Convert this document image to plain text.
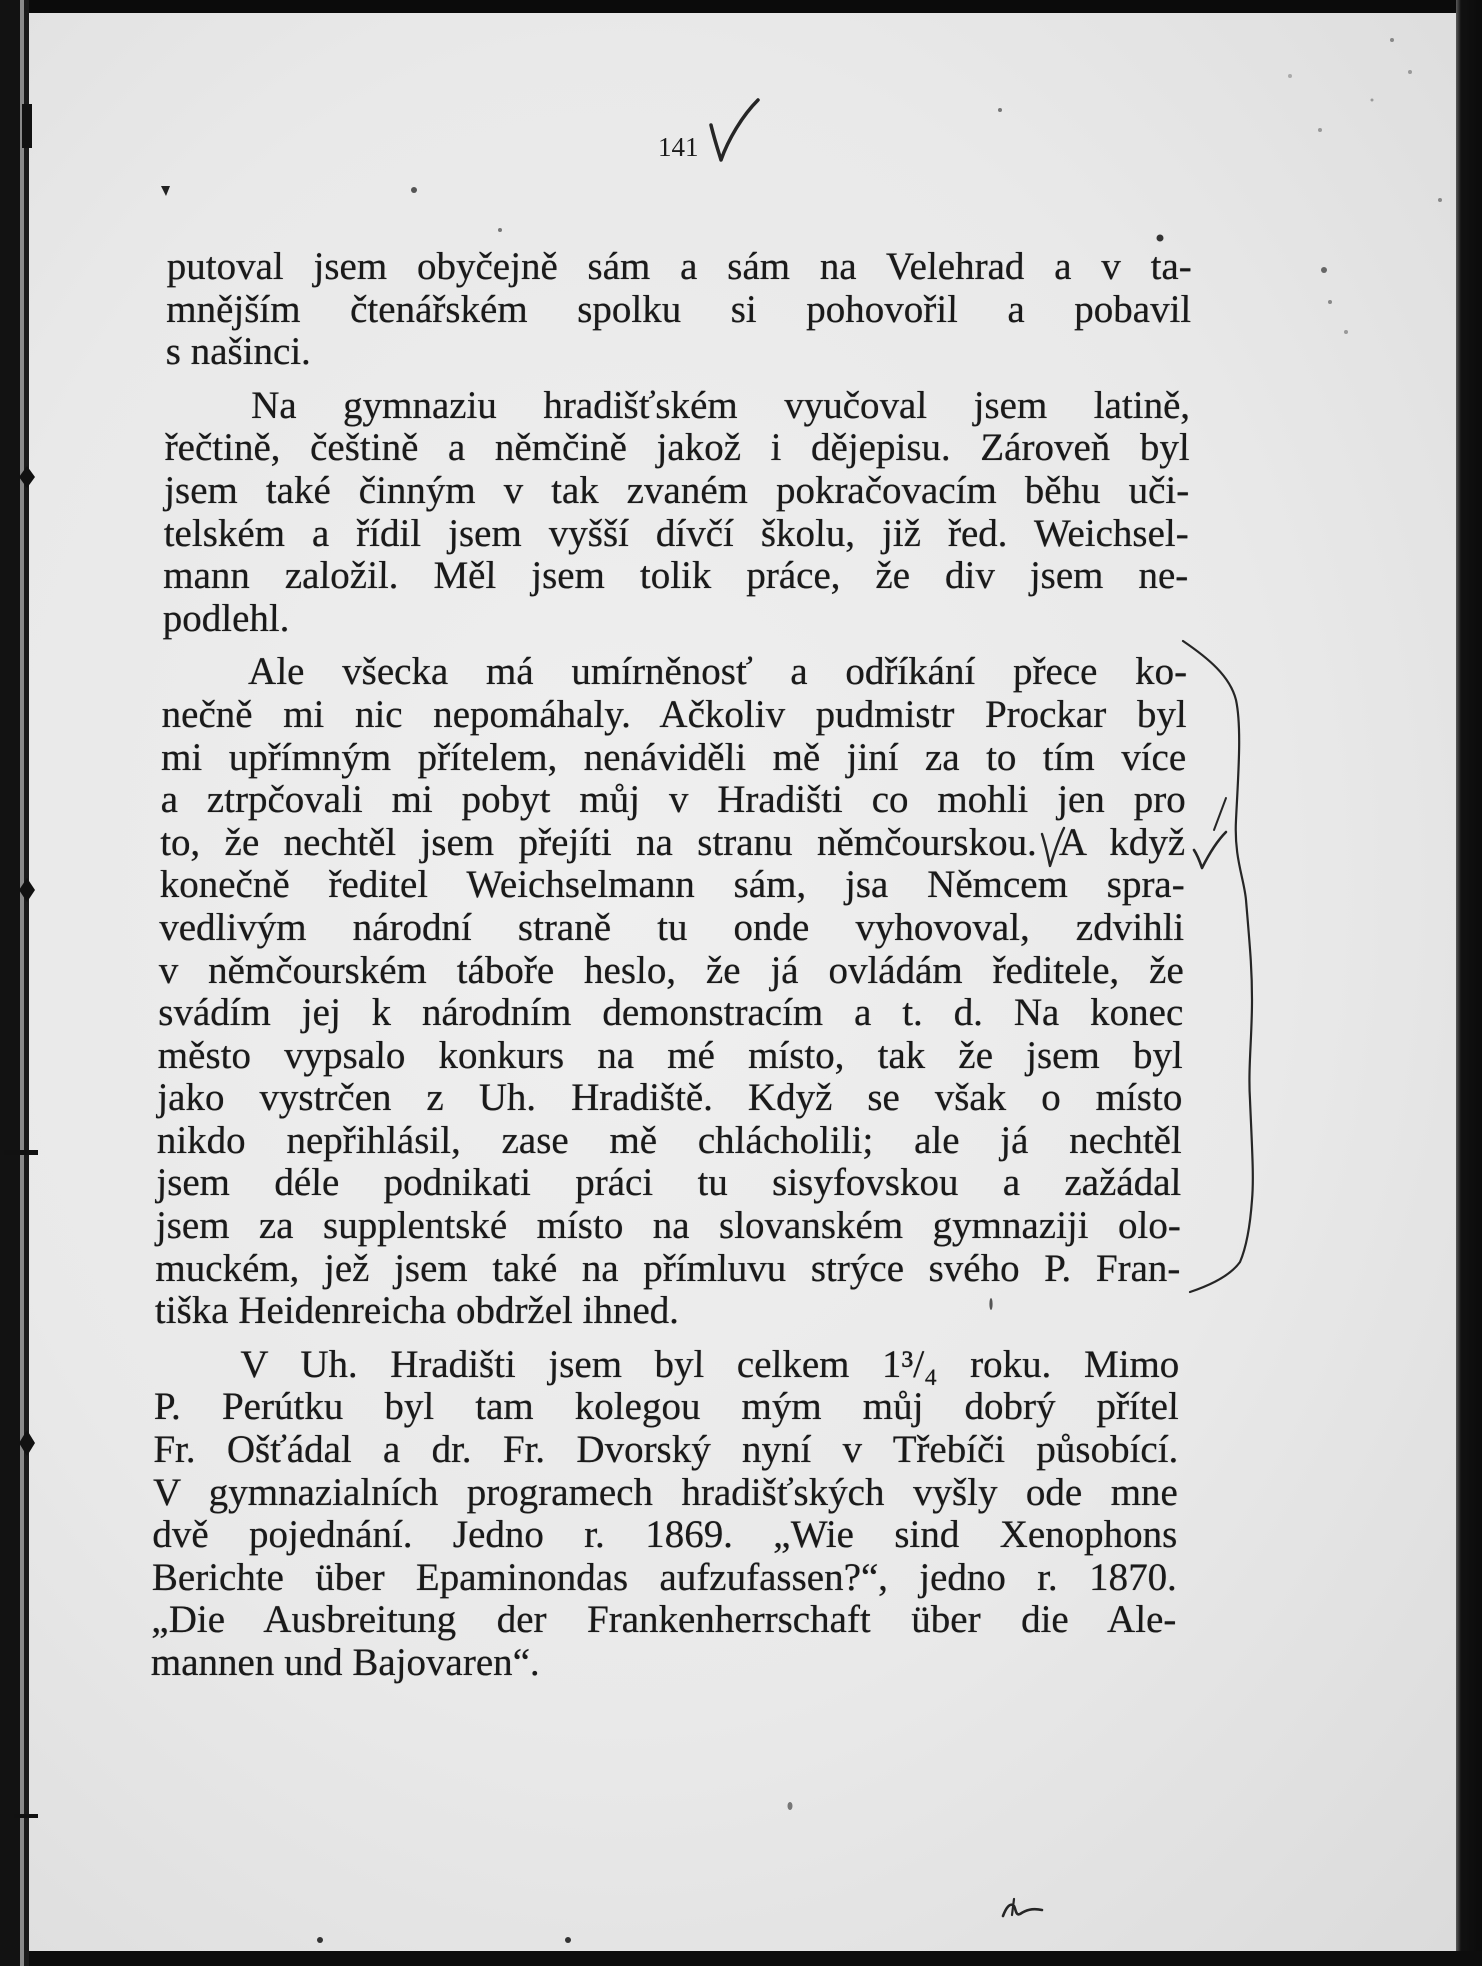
141
putoval jsem obyčejně sám a sám na Velehrad a v ta-
mnějším čtenářském spolku si pohovořil a pobavil
s našinci.
Na gymnaziu hradišťském vyučoval jsem latině,
řečtině, češtině a němčině jakož i dějepisu. Zároveň byl
jsem také činným v tak zvaném pokračovacím běhu uči-
telském a řídil jsem vyšší dívčí školu, již řed. Weichsel-
mann založil. Měl jsem tolik práce, že div jsem ne-
podlehl.
Ale všecka má umírněnosť a odříkání přece ko-
nečně mi nic nepomáhaly. Ačkoliv pudmistr Prockar byl
mi upřímným přítelem, nenáviděli mě jiní za to tím více
a ztrpčovali mi pobyt můj v Hradišti co mohli jen pro
to, že nechtěl jsem přejíti na stranu němčourskou. A když
konečně ředitel Weichselmann sám, jsa Němcem spra-
vedlivým národní straně tu onde vyhovoval, zdvihli
v němčourském táboře heslo, že já ovládám ředitele, že
svádím jej k národním demonstracím a t. d. Na konec
město vypsalo konkurs na mé místo, tak že jsem byl
jako vystrčen z Uh. Hradiště. Když se však o místo
nikdo nepřihlásil, zase mě chlácholili; ale já nechtěl
jsem déle podnikati práci tu sisyfovskou a zažádal
jsem za supplentské místo na slovanském gymnaziji olo-
muckém, jež jsem také na přímluvu strýce svého P. Fran-
tiška Heidenreicha obdržel ihned.
V Uh. Hradišti jsem byl celkem 1³/₄ roku. Mimo
P. Perútku byl tam kolegou mým můj dobrý přítel
Fr. Ošťádal a dr. Fr. Dvorský nyní v Třebíči působící.
V gymnazialních programech hradišťských vyšly ode mne
dvě pojednání. Jedno r. 1869. „Wie sind Xenophons
Berichte über Epaminondas aufzufassen?“, jedno r. 1870.
„Die Ausbreitung der Frankenherrschaft über die Ale-
mannen und Bajovaren“.
